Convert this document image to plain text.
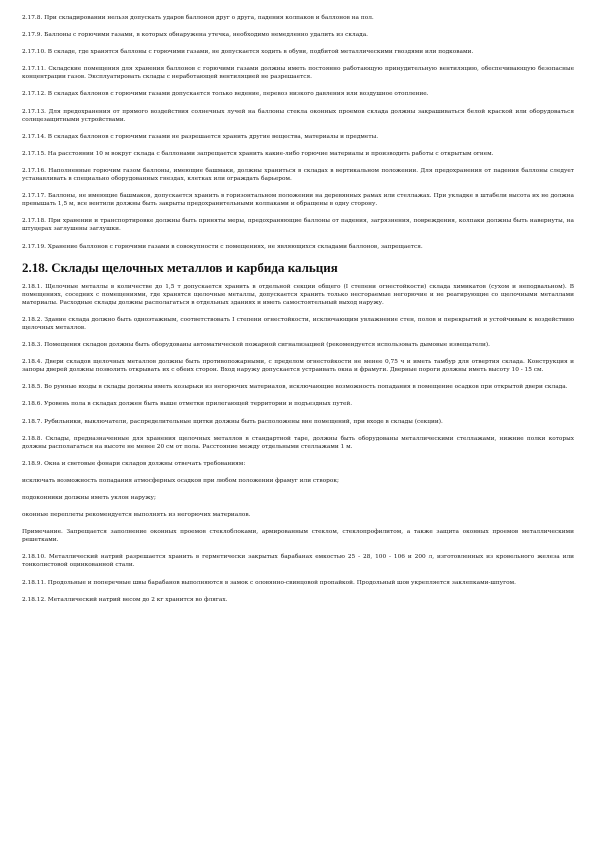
2.17.8. При складировании нельзя допускать ударов баллонов друг о друга, падения колпаков и баллонов на пол.

2.17.9. Баллоны с горючими газами, в которых обнаружена утечка, необходимо немедленно удалить из склада.

2.17.10. В складе, где хранятся баллоны с горючими газами, не допускается ходить в обуви, подбитой металлическими гвоздями или подковами.

2.17.11. Складские помещения для хранения баллонов с горючими газами должны иметь постоянно работающую принудительную вентиляцию, обеспечивающую безопасные концентрации газов. Эксплуатировать склады с неработающей вентиляцией не разрешается.

2.17.12. В складах баллонов с горючими газами допускается только ведение, перевоз низкого давления или воздушное отопление.

2.17.13. Для предохранения от прямого воздействия солнечных лучей на баллоны стекла оконных проемов склада должны закрашиваться белой краской или оборудоваться солнцезащитными устройствами.

2.17.14. В складах баллонов с горючими газами не разрешается хранить другие вещества, материалы и предметы.

2.17.15. На расстоянии 10 м вокруг склада с баллонами запрещается хранить какие-либо горючие материалы и производить работы с открытым огнем.

2.17.16. Наполненные горючим газом баллоны, имеющие башмаки, должны храниться в складах в вертикальном положении. Для предохранения от падения баллоны следует устанавливать в специально оборудованных гнездах, клетках или ограждать барьером.

2.17.17. Баллоны, не имеющие башмаков, допускается хранить в горизонтальном положении на деревянных рамах или стеллажах. При укладке в штабели высота их не должна превышать 1,5 м, все вентили должны быть закрыты предохранительными колпаками и обращены в одну сторону.

2.17.18. При хранении и транспортировке должны быть приняты меры, предохраняющие баллоны от падения, загрязнения, повреждения, колпаки должны быть навернуты, на штуцерах заглушены заглушки.

2.17.19. Хранение баллонов с горючими газами в совокупности с помещениях, не являющихся складами баллонов, запрещается.

2.18. Склады щелочных металлов и карбида кальция

2.18.1. Щелочные металлы в количестве до 1,5 т допускается хранить в отдельной секции общего (I степени огнестойкости) склада химикатов (сухом и неподвальном). В помещениях, соседних с помещениями, где хранятся щелочные металлы, допускается хранить только несгораемые негорючие и не реагирующие со щелочными металлами материалы. Расходные склады должны располагаться в отдельных зданиях и иметь самостоятельный выход наружу.

2.18.2. Здание склада должно быть одноэтажным, соответствовать I степени огнестойкости, исключающим увлажнение стен, полов и перекрытий и устойчивым к воздействию щелочных металлов.

2.18.3. Помещения складов должны быть оборудованы автоматической пожарной сигнализацией (рекомендуется использовать дымовые извещатели).

2.18.4. Двери складов щелочных металлов должны быть противопожарными, с пределом огнестойкости не менее 0,75 ч и иметь тамбур для отвертия склада. Конструкция и запоры дверей должны позволить открывать их с обеих сторон. Вход наружу допускается устраивать окна и фрамуги. Дверные пороги должны иметь высоту 10 - 15 см.

2.18.5. Во рунные входы в склады должны иметь козырьки из негорючих материалов, исключающие возможность попадания в помещение осадков при открытой двери склада.

2.18.6. Уровень пола в складах должен быть выше отметки прилегающей территории и подъездных путей.

2.18.7. Рубильники, выключатели, распределительные щитки должны быть расположены вне помещений, при входе в склады (секции).

2.18.8. Склады, предназначенные для хранения щелочных металлов в стандартной таре, должны быть оборудованы металлическими стеллажами, нижние полки которых должны располагаться на высоте не менее 20 см от пола. Расстояние между отдельными стеллажами 1 м.

2.18.9. Окна и световые фонари складов должны отвечать требованиям:

исключать возможность попадания атмосферных осадков при любом положении фрамуг или створок;

подоконники должны иметь уклон наружу;

оконные переплеты рекомендуется выполнять из негорючих материалов.

Примечание. Запрещается заполнение оконных проемов стеклоблоками, армированным стеклом, стеклопрофилитом, а также защита оконных проемов металлическими решетками.

2.18.10. Металлический натрий разрешается хранить в герметически закрытых барабанах емкостью 25 - 28, 100 - 106 и 200 л, изготовленных из кровельного железа или тонколистовой оцинкованной стали.

2.18.11. Продольные и поперечные швы барабанов выполняются в замок с оловянно-свинцовой пропайкой. Продольный шов укрепляется заклепками-шпугом.

2.18.12. Металлический натрий весом до 2 кг хранится во флягах.
